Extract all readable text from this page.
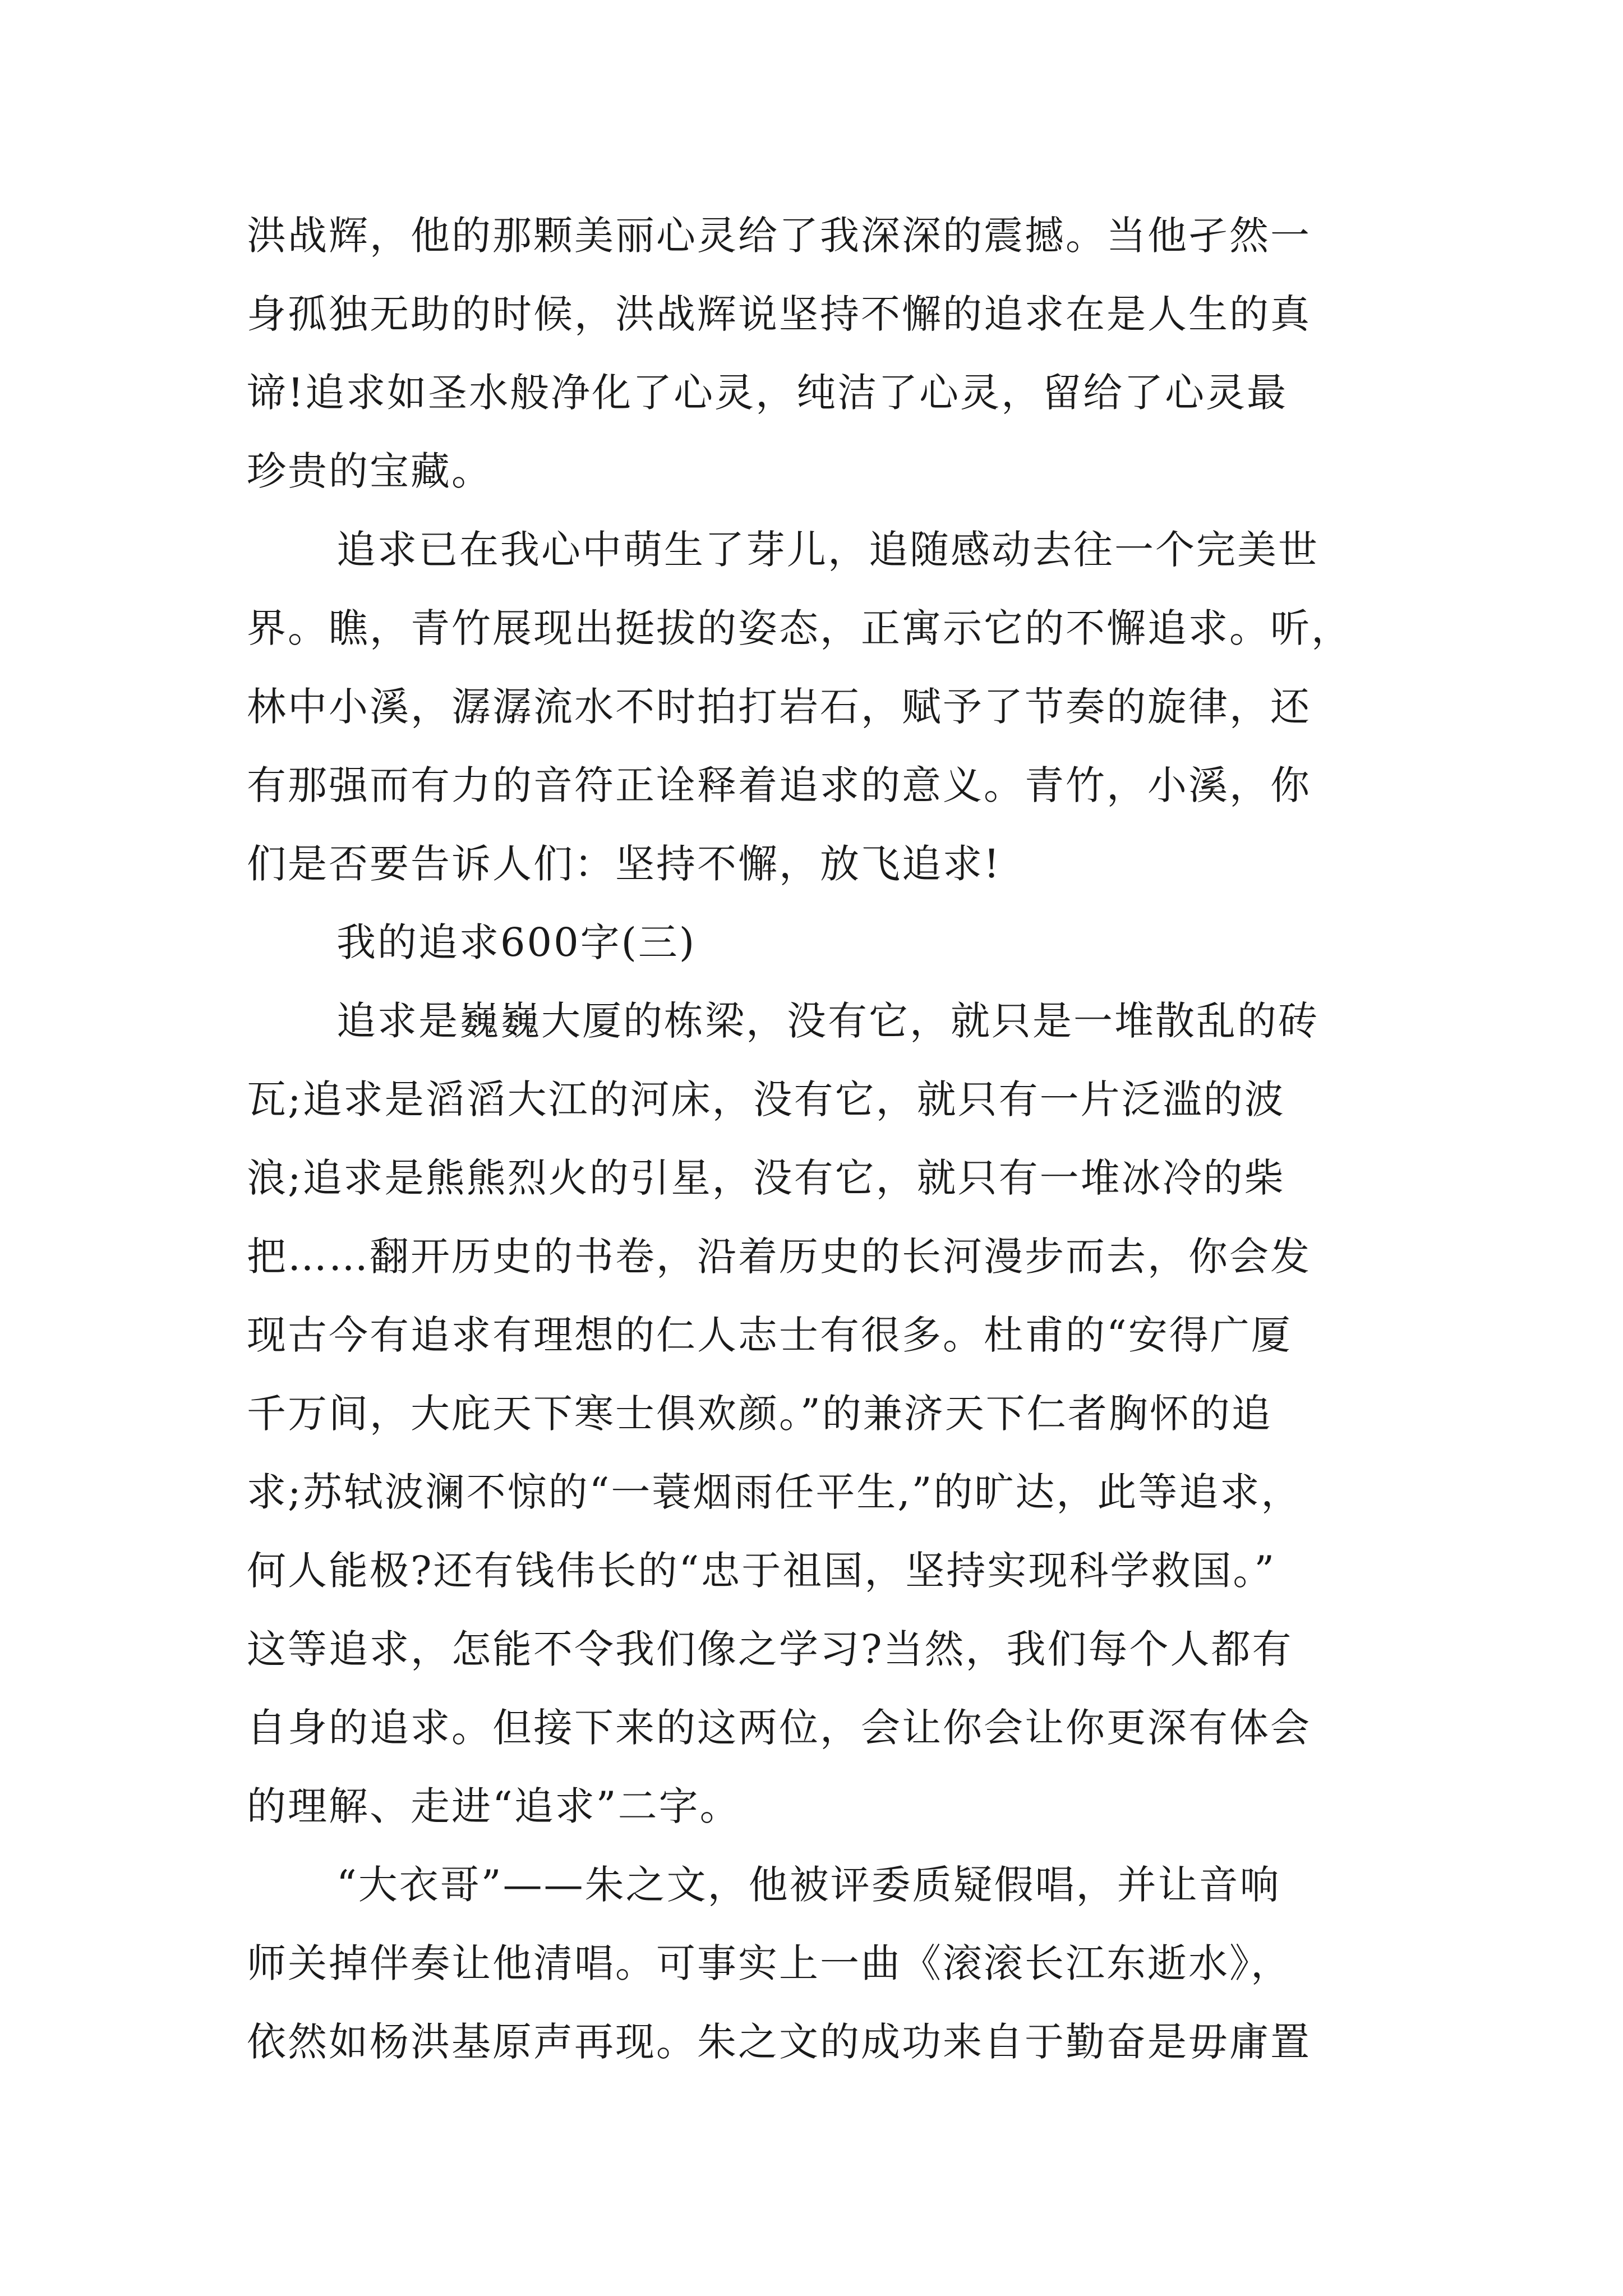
洪战辉，他的那颗美丽心灵给了我深深的震撼。当他孑然一

身孤独无助的时候，洪战辉说坚持不懈的追求在是人生的真

谛!追求如圣水般净化了心灵，纯洁了心灵，留给了心灵最

珍贵的宝藏。

追求已在我心中萌生了芽儿，追随感动去往一个完美世

界。瞧，青竹展现出挺拔的姿态，正寓示它的不懈追求。听，

林中小溪，潺潺流水不时拍打岩石，赋予了节奏的旋律，还

有那强而有力的音符正诠释着追求的意义。青竹，小溪，你

们是否要告诉人们：坚持不懈，放飞追求!

我的追求600字(三)

追求是巍巍大厦的栋梁，没有它，就只是一堆散乱的砖

瓦;追求是滔滔大江的河床，没有它，就只有一片泛滥的波

浪;追求是熊熊烈火的引星，没有它，就只有一堆冰冷的柴

把……翻开历史的书卷，沿着历史的长河漫步而去，你会发

现古今有追求有理想的仁人志士有很多。杜甫的“安得广厦

千万间，大庇天下寒士俱欢颜。”的兼济天下仁者胸怀的追

求;苏轼波澜不惊的“一蓑烟雨任平生,”的旷达，此等追求，

何人能极?还有钱伟长的“忠于祖国，坚持实现科学救国。”

这等追求，怎能不令我们像之学习?当然，我们每个人都有

自身的追求。但接下来的这两位，会让你会让你更深有体会

的理解、走进“追求”二字。

“大衣哥”——朱之文，他被评委质疑假唱，并让音响

师关掉伴奏让他清唱。可事实上一曲《滚滚长江东逝水》，

依然如杨洪基原声再现。朱之文的成功来自于勤奋是毋庸置
